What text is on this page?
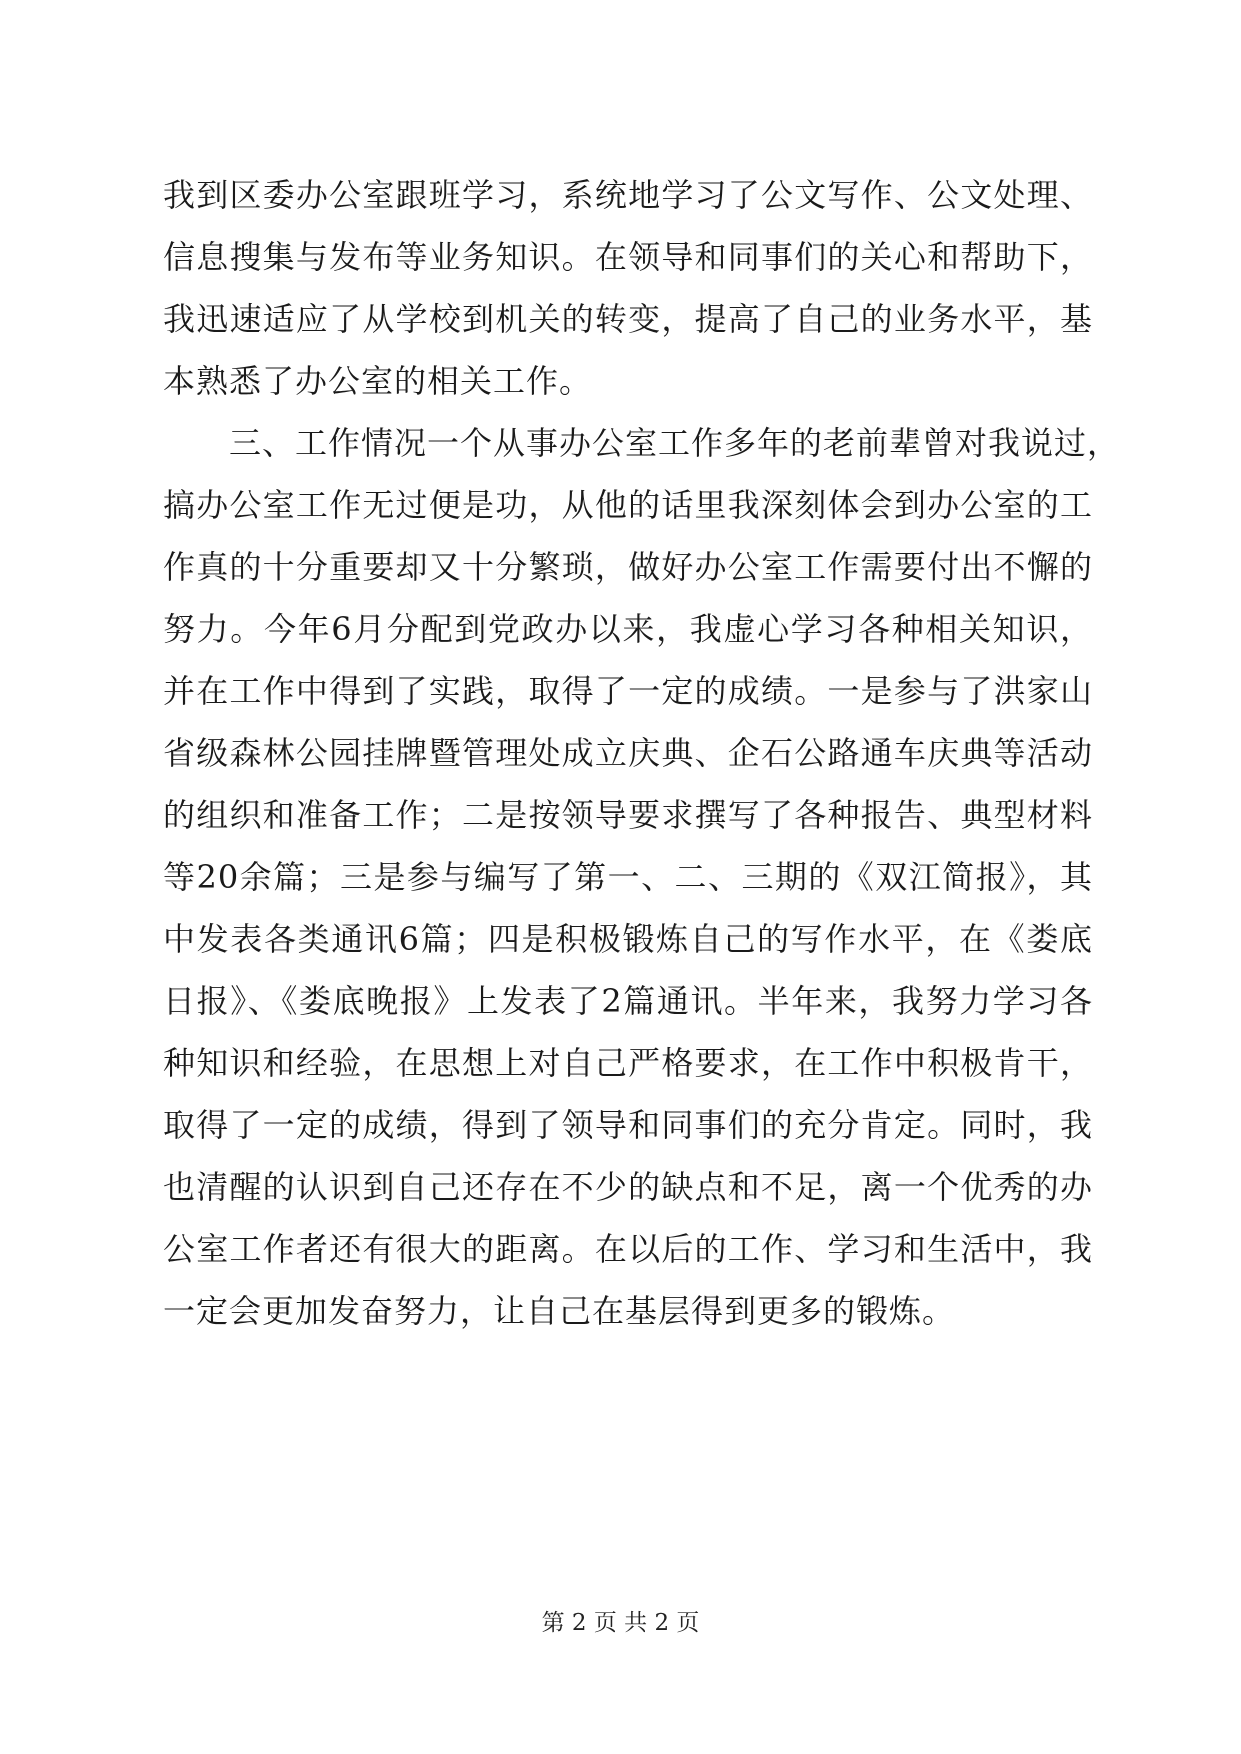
我到区委办公室跟班学习，系统地学习了公文写作、公文处理、
信息搜集与发布等业务知识。在领导和同事们的关心和帮助下，
我迅速适应了从学校到机关的转变，提高了自己的业务水平，基
本熟悉了办公室的相关工作。
　　三、工作情况一个从事办公室工作多年的老前辈曾对我说过，
搞办公室工作无过便是功，从他的话里我深刻体会到办公室的工
作真的十分重要却又十分繁琐，做好办公室工作需要付出不懈的
努力。今年6月分配到党政办以来，我虚心学习各种相关知识，
并在工作中得到了实践，取得了一定的成绩。一是参与了洪家山
省级森林公园挂牌暨管理处成立庆典、企石公路通车庆典等活动
的组织和准备工作；二是按领导要求撰写了各种报告、典型材料
等20余篇；三是参与编写了第一、二、三期的《双江简报》，其
中发表各类通讯6篇；四是积极锻炼自己的写作水平，在《娄底
日报》、《娄底晚报》上发表了2篇通讯。半年来，我努力学习各
种知识和经验，在思想上对自己严格要求，在工作中积极肯干，
取得了一定的成绩，得到了领导和同事们的充分肯定。同时，我
也清醒的认识到自己还存在不少的缺点和不足，离一个优秀的办
公室工作者还有很大的距离。在以后的工作、学习和生活中，我
一定会更加发奋努力，让自己在基层得到更多的锻炼。
第 2 页 共 2 页
